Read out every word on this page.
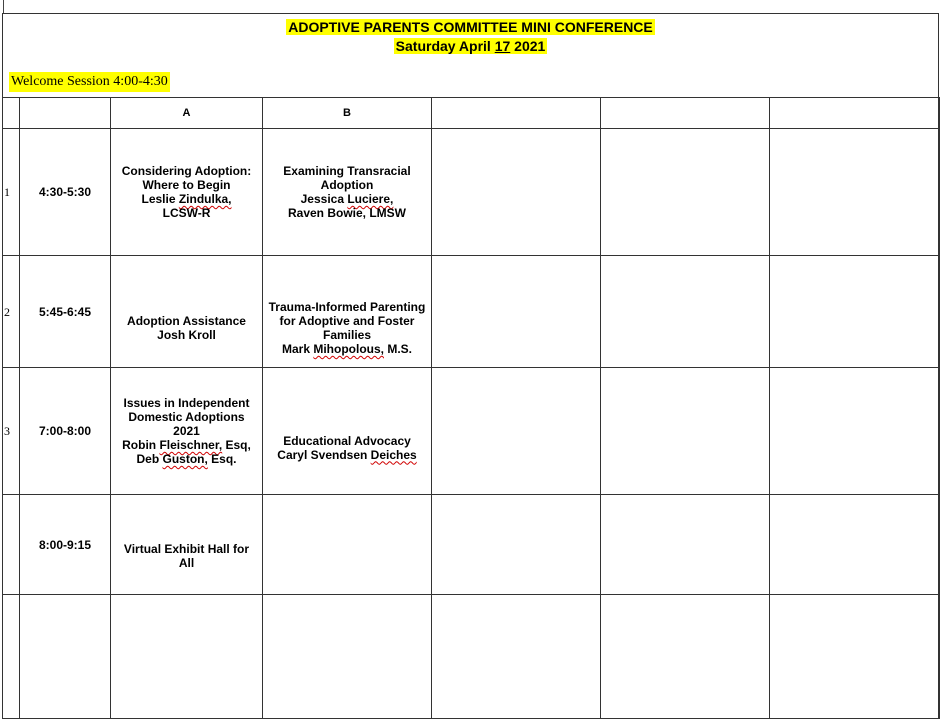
ADOPTIVE PARENTS COMMITTEE MINI CONFERENCE
Saturday April 17 2021
Welcome Session 4:00-4:30
		A	B			
1	4:30-5:30	Considering Adoption:
Where to Begin
Leslie Zindulka,
LCSW-R	Examining Transracial
Adoption
Jessica Luciere,
Raven Bowie, LMSW			

2	5:45-6:45	Adoption Assistance
Josh Kroll	Trauma-Informed Parenting
for Adoptive and Foster
Families
Mark Mihopolous, M.S.			

3	7:00-8:00	Issues in Independent
Domestic Adoptions
2021
Robin Fleischner, Esq,
Deb Guston, Esq.	Educational Advocacy
Caryl Svendsen Deiches			

	8:00-9:15	Virtual Exhibit Hall for
All				
